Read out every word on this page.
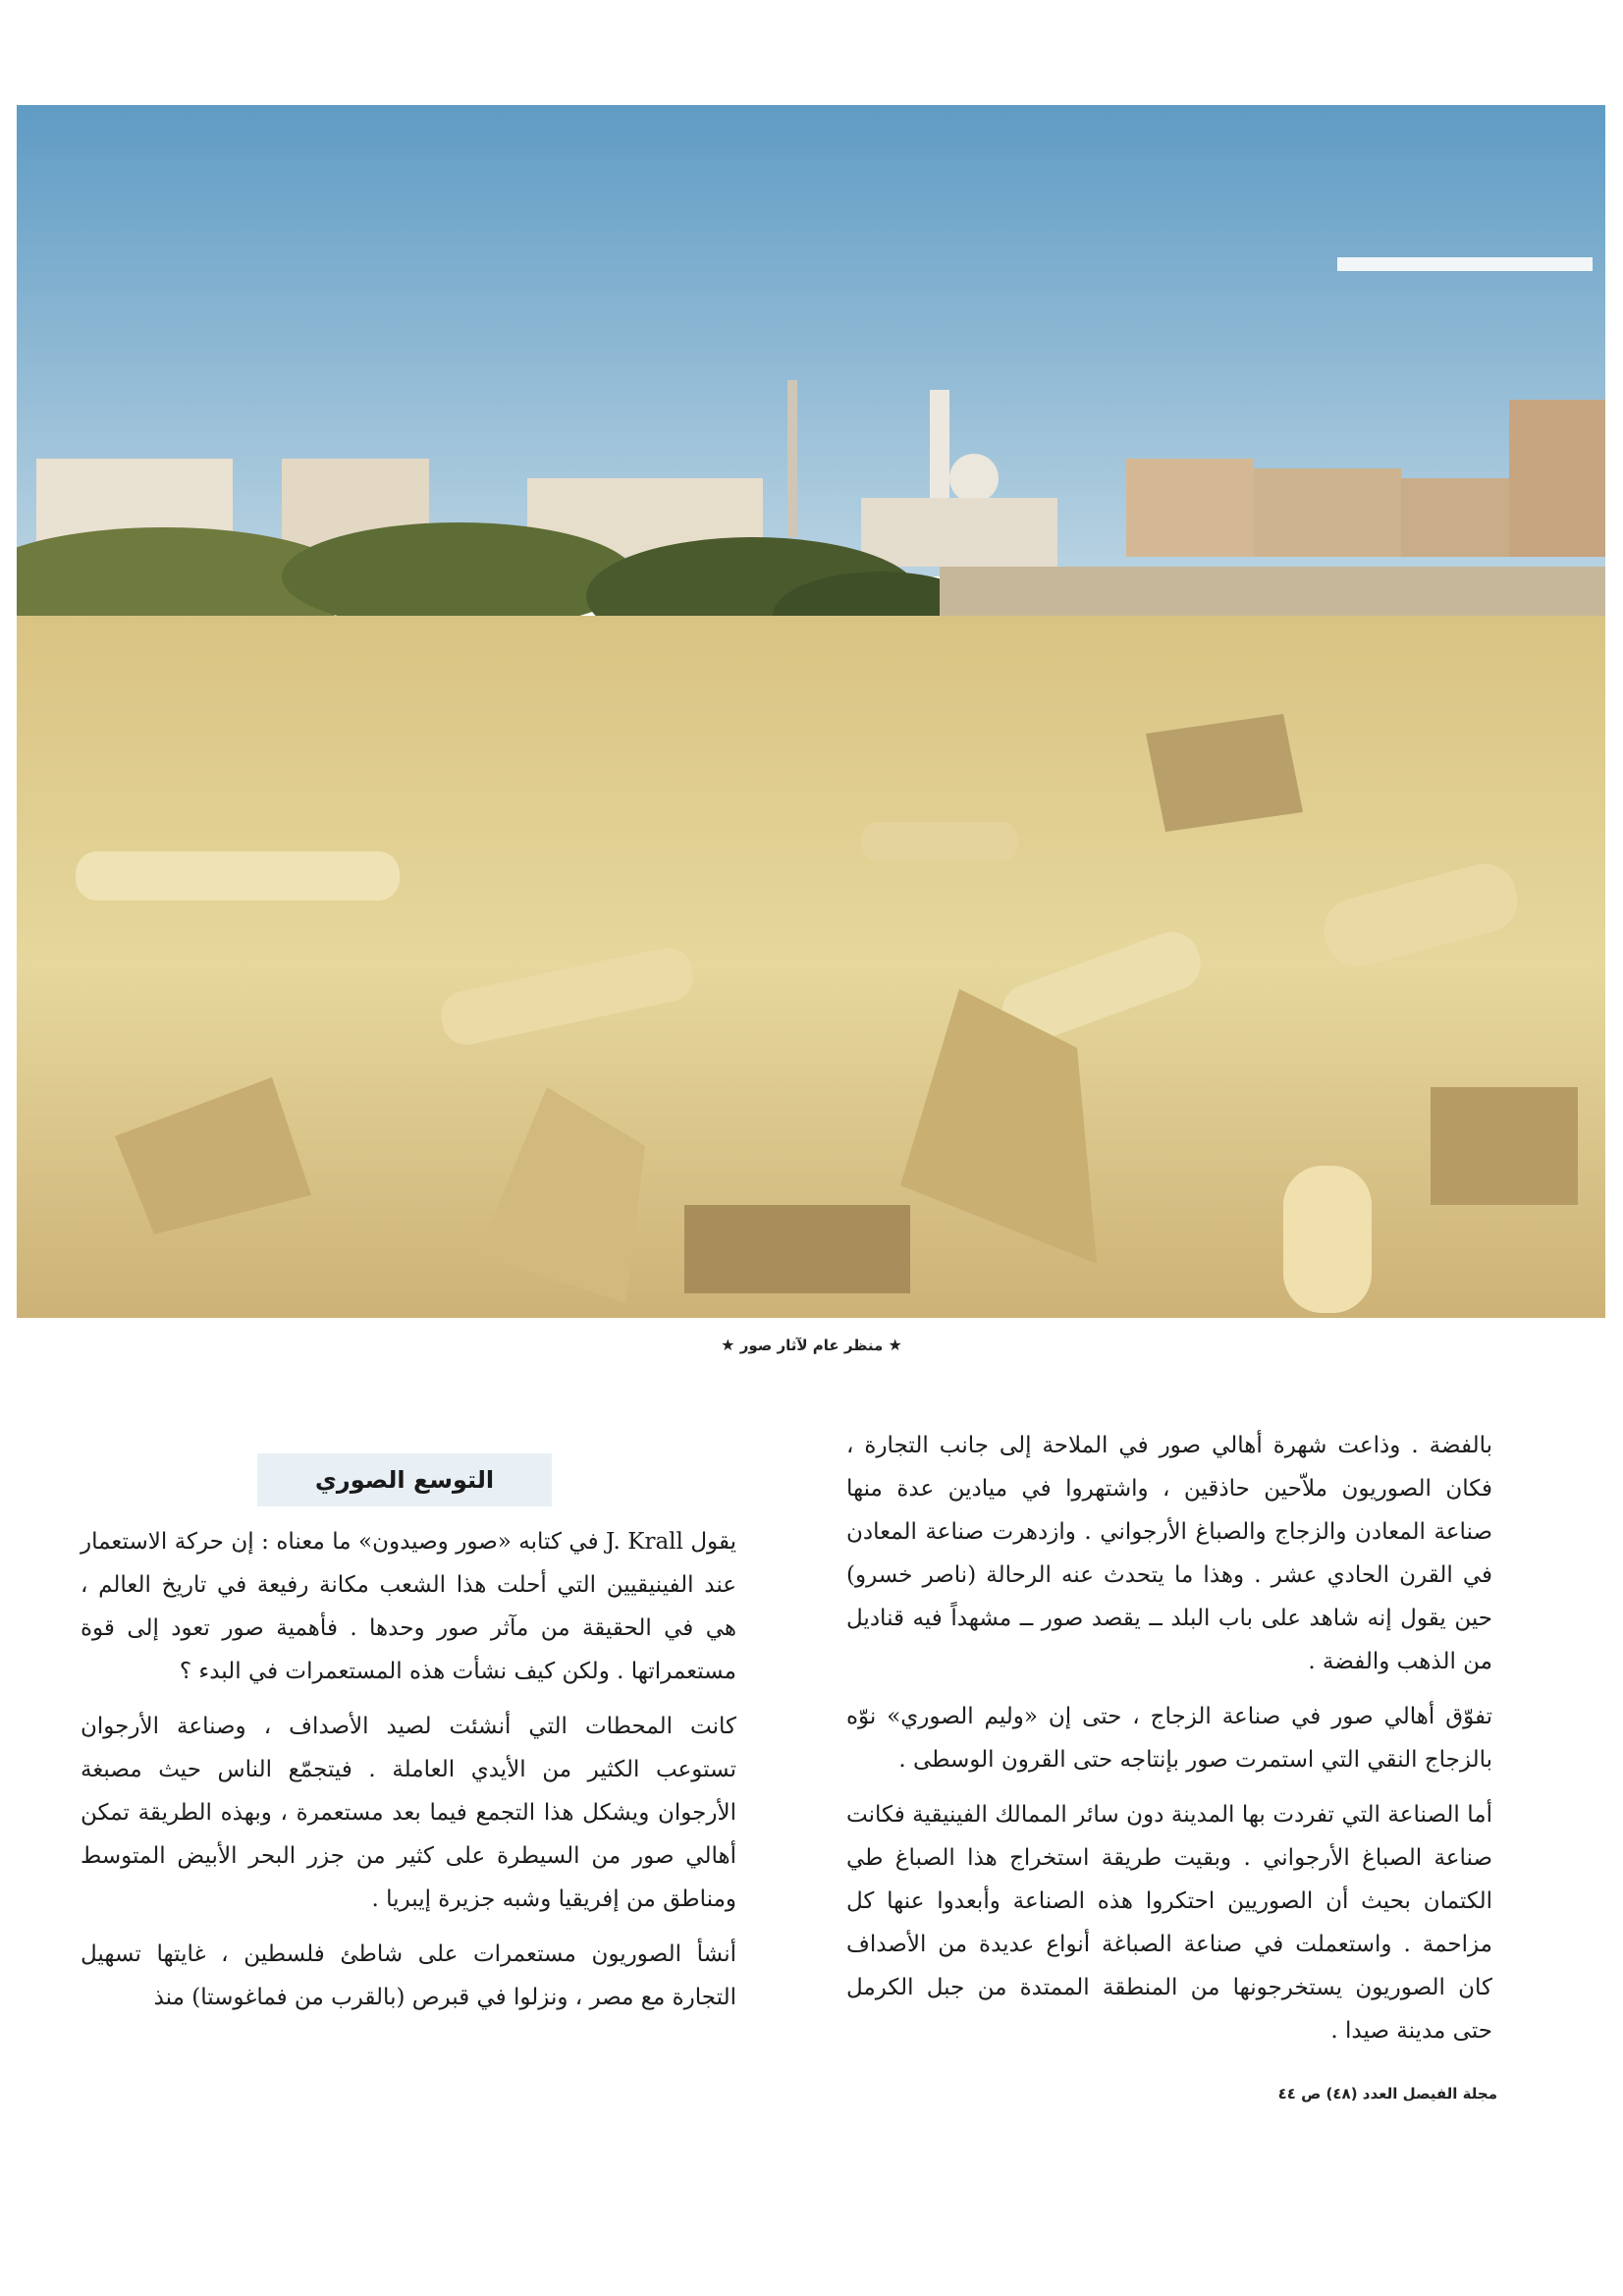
★ منظر عام لآثار صور ★

بالفضة . وذاعت شهرة أهالي صور في الملاحة إلى جانب التجارة ، فكان الصوريون ملاّحين حاذقين ، واشتهروا في ميادين عدة منها صناعة المعادن والزجاج والصباغ الأرجواني . وازدهرت صناعة المعادن في القرن الحادي عشر . وهذا ما يتحدث عنه الرحالة (ناصر خسرو) حين يقول إنه شاهد على باب البلد ــ يقصد صور ــ مشهداً فيه قناديل من الذهب والفضة .

تفوّق أهالي صور في صناعة الزجاج ، حتى إن «وليم الصوري» نوّه بالزجاج النقي التي استمرت صور بإنتاجه حتى القرون الوسطى .

أما الصناعة التي تفردت بها المدينة دون سائر الممالك الفينيقية فكانت صناعة الصباغ الأرجواني . وبقيت طريقة استخراج هذا الصباغ طي الكتمان بحيث أن الصوريين احتكروا هذه الصناعة وأبعدوا عنها كل مزاحمة . واستعملت في صناعة الصباغة أنواع عديدة من الأصداف كان الصوريون يستخرجونها من المنطقة الممتدة من جبل الكرمل حتى مدينة صيدا .

التوسع الصوري

يقول J. Krall في كتابه «صور وصيدون» ما معناه : إن حركة الاستعمار عند الفينيقيين التي أحلت هذا الشعب مكانة رفيعة في تاريخ العالم ، هي في الحقيقة من مآثر صور وحدها . فأهمية صور تعود إلى قوة مستعمراتها . ولكن كيف نشأت هذه المستعمرات في البدء ؟

كانت المحطات التي أنشئت لصيد الأصداف ، وصناعة الأرجوان تستوعب الكثير من الأيدي العاملة . فيتجمّع الناس حيث مصبغة الأرجوان ويشكل هذا التجمع فيما بعد مستعمرة ، وبهذه الطريقة تمكن أهالي صور من السيطرة على كثير من جزر البحر الأبيض المتوسط ومناطق من إفريقيا وشبه جزيرة إيبريا .

أنشأ الصوريون مستعمرات على شاطئ فلسطين ، غايتها تسهيل التجارة مع مصر ، ونزلوا في قبرص (بالقرب من فماغوستا) منذ

مجلة الفيصل العدد (٤٨) ص ٤٤
